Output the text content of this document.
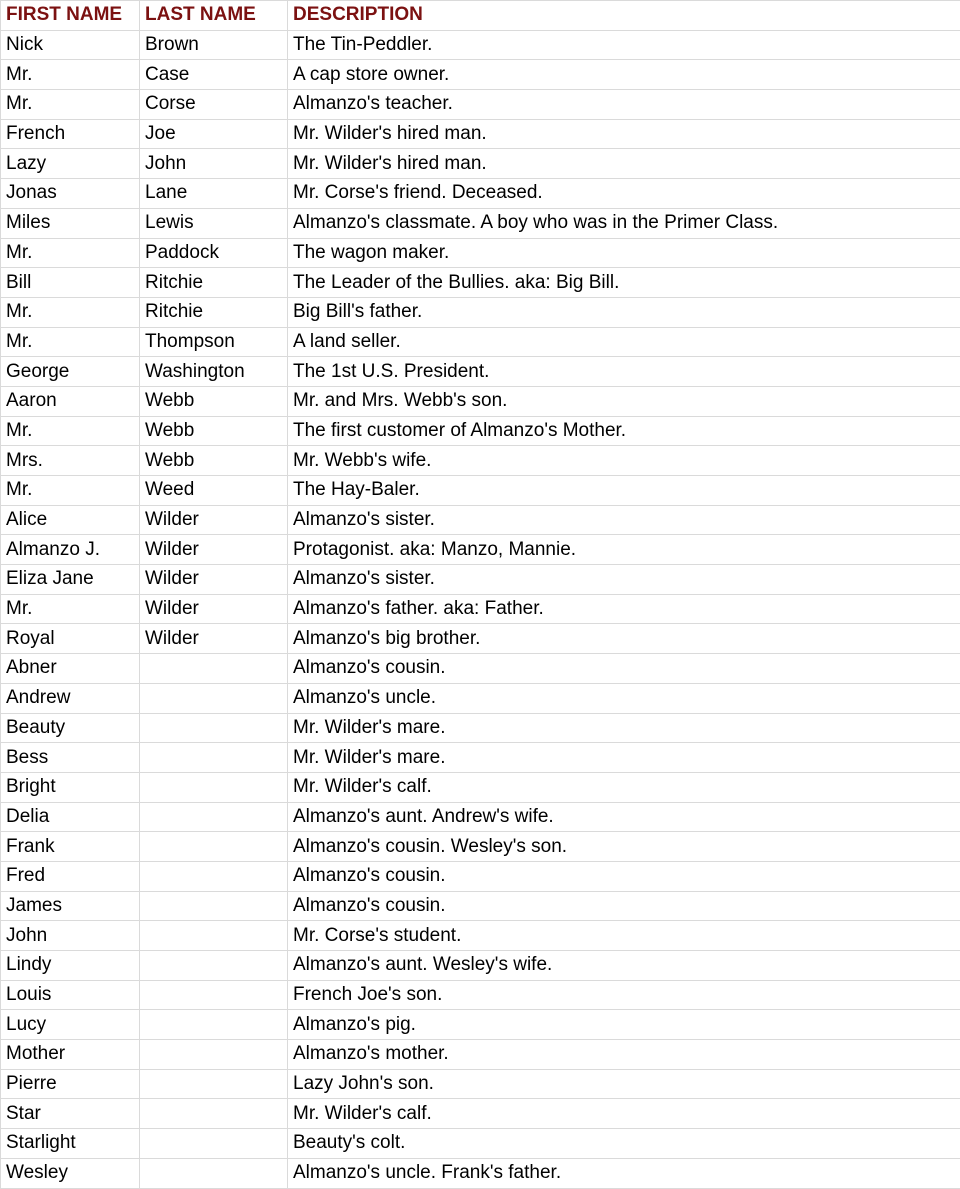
FIRST NAME	LAST NAME	DESCRIPTION
Nick	Brown	The Tin-Peddler.
Mr.	Case	A cap store owner.
Mr.	Corse	Almanzo's teacher.
French	Joe	Mr. Wilder's hired man.
Lazy	John	Mr. Wilder's hired man.
Jonas	Lane	Mr. Corse's friend. Deceased.
Miles	Lewis	Almanzo's classmate. A boy who was in the Primer Class.
Mr.	Paddock	The wagon maker.
Bill	Ritchie	The Leader of the Bullies. aka: Big Bill.
Mr.	Ritchie	Big Bill's father.
Mr.	Thompson	A land seller.
George	Washington	The 1st U.S. President.
Aaron	Webb	Mr. and Mrs. Webb's son.
Mr.	Webb	The first customer of Almanzo's Mother.
Mrs.	Webb	Mr. Webb's wife.
Mr.	Weed	The Hay-Baler.
Alice	Wilder	Almanzo's sister.
Almanzo J.	Wilder	Protagonist. aka: Manzo, Mannie.
Eliza Jane	Wilder	Almanzo's sister.
Mr.	Wilder	Almanzo's father. aka: Father.
Royal	Wilder	Almanzo's big brother.
Abner		Almanzo's cousin.
Andrew		Almanzo's uncle.
Beauty		Mr. Wilder's mare.
Bess		Mr. Wilder's mare.
Bright		Mr. Wilder's calf.
Delia		Almanzo's aunt. Andrew's wife.
Frank		Almanzo's cousin. Wesley's son.
Fred		Almanzo's cousin.
James		Almanzo's cousin.
John		Mr. Corse's student.
Lindy		Almanzo's aunt. Wesley's wife.
Louis		French Joe's son.
Lucy		Almanzo's pig.
Mother		Almanzo's mother.
Pierre		Lazy John's son.
Star		Mr. Wilder's calf.
Starlight		Beauty's colt.
Wesley		Almanzo's uncle. Frank's father.
